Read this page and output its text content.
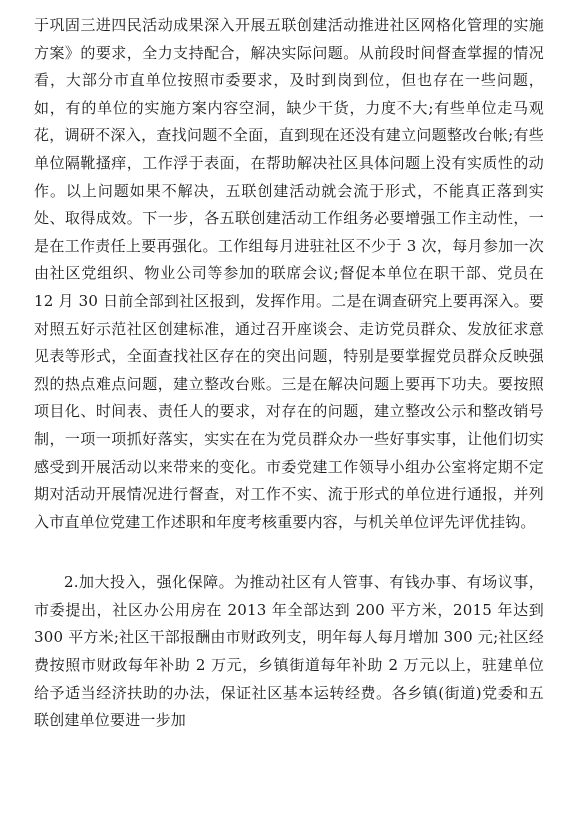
于巩固三进四民活动成果深入开展五联创建活动推进社区网格化管理的实施方案》的要求，全力支持配合，解决实际问题。从前段时间督查掌握的情况看，大部分市直单位按照市委要求，及时到岗到位，但也存在一些问题，如，有的单位的实施方案内容空洞，缺少干货，力度不大;有些单位走马观花，调研不深入，查找问题不全面，直到现在还没有建立问题整改台帐;有些单位隔靴搔痒，工作浮于表面，在帮助解决社区具体问题上没有实质性的动作。以上问题如果不解决，五联创建活动就会流于形式，不能真正落到实处、取得成效。下一步，各五联创建活动工作组务必要增强工作主动性，一是在工作责任上要再强化。工作组每月进驻社区不少于 3 次，每月参加一次由社区党组织、物业公司等参加的联席会议;督促本单位在职干部、党员在 12 月 30 日前全部到社区报到，发挥作用。二是在调查研究上要再深入。要对照五好示范社区创建标准，通过召开座谈会、走访党员群众、发放征求意见表等形式，全面查找社区存在的突出问题，特别是要掌握党员群众反映强烈的热点难点问题，建立整改台账。三是在解决问题上要再下功夫。要按照项目化、时间表、责任人的要求，对存在的问题，建立整改公示和整改销号制，一项一项抓好落实，实实在在为党员群众办一些好事实事，让他们切实感受到开展活动以来带来的变化。市委党建工作领导小组办公室将定期不定期对活动开展情况进行督查，对工作不实、流于形式的单位进行通报，并列入市直单位党建工作述职和年度考核重要内容，与机关单位评先评优挂钩。

2.加大投入，强化保障。为推动社区有人管事、有钱办事、有场议事，市委提出，社区办公用房在 2013 年全部达到 200 平方米，2015 年达到 300 平方米;社区干部报酬由市财政列支，明年每人每月增加 300 元;社区经费按照市财政每年补助 2 万元，乡镇街道每年补助 2 万元以上，驻建单位给予适当经济扶助的办法，保证社区基本运转经费。各乡镇(街道)党委和五联创建单位要进一步加
